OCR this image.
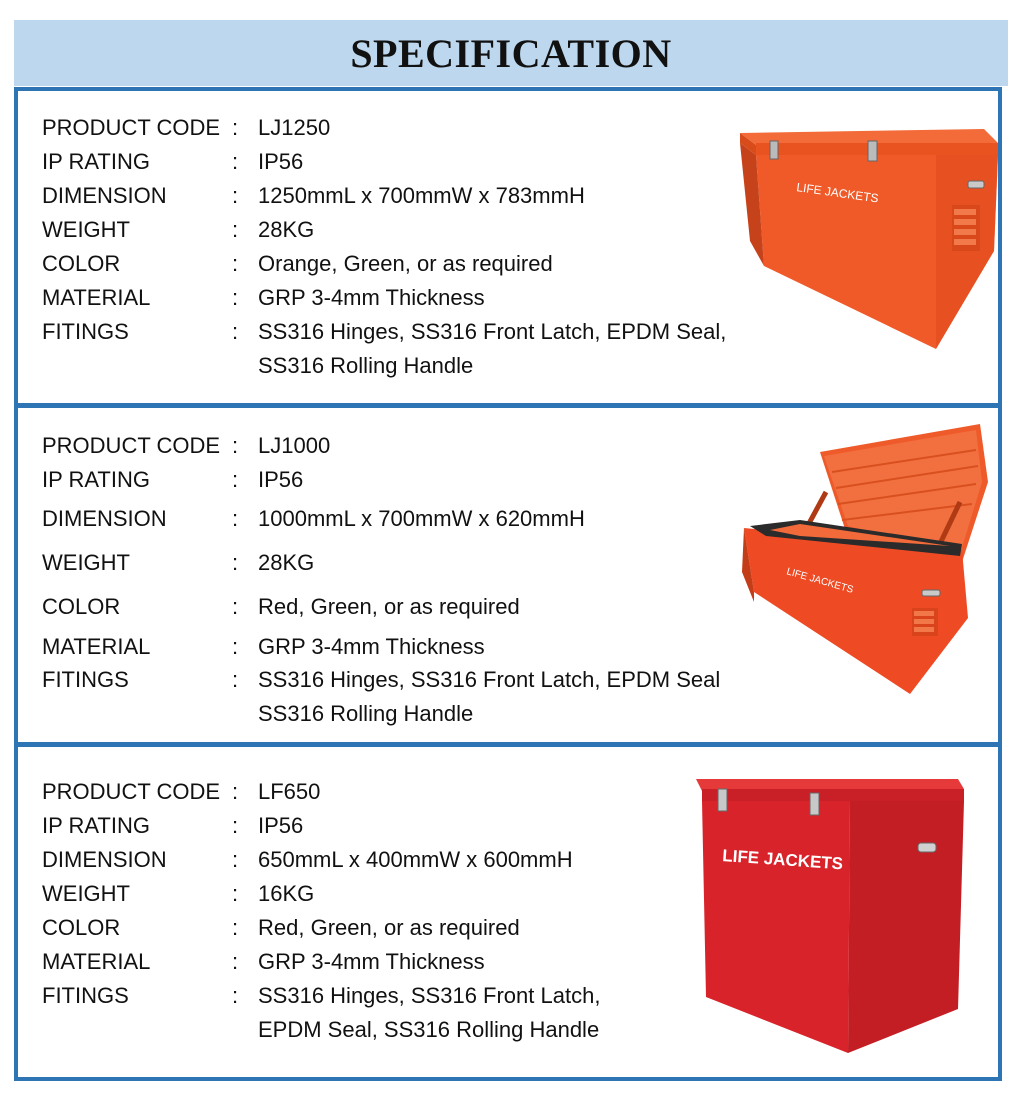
SPECIFICATION
PRODUCT CODE : LJ1250
IP RATING	: IP56
DIMENSION	: 1250mmL x 700mmW x 783mmH
WEIGHT	: 28KG
COLOR	: Orange, Green, or as required
MATERIAL	: GRP 3-4mm Thickness
FITINGS	: SS316 Hinges, SS316 Front Latch, EPDM Seal,
SS316 Rolling Handle
LIFE JACKETS
PRODUCT CODE : LJ1000
IP RATING	: IP56
DIMENSION	: 1000mmL x 700mmW x 620mmH
WEIGHT	: 28KG
COLOR	: Red, Green, or as required
MATERIAL	: GRP 3-4mm Thickness
FITINGS	: SS316 Hinges, SS316 Front Latch, EPDM Seal
SS316 Rolling Handle
LIFE JACKETS
PRODUCT CODE : LF650
IP RATING	: IP56
DIMENSION	: 650mmL x 400mmW x 600mmH
WEIGHT	: 16KG
COLOR	: Red, Green, or as required
MATERIAL	: GRP 3-4mm Thickness
FITINGS	: SS316 Hinges, SS316 Front Latch,
EPDM Seal, SS316 Rolling Handle
LIFE JACKETS
